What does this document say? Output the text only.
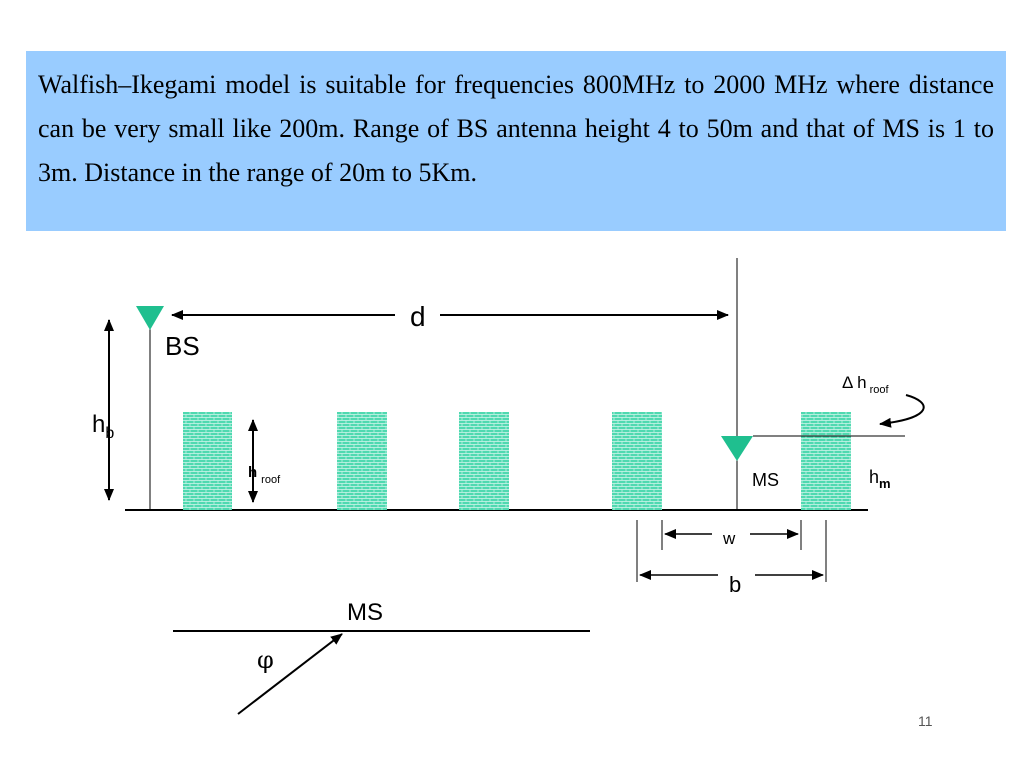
Walfish–Ikegami model is suitable for frequencies 800MHz to 2000 MHz where distance can be very small like 200m. Range of BS antenna height 4 to 50m and that of MS is 1 to 3m. Distance in the range of 20m to 5Km.

BS
$h_b$
d
h $_{roof}$	MS
Δ h $_{roof}$
$h_m$
w
b
MS
φ
11
